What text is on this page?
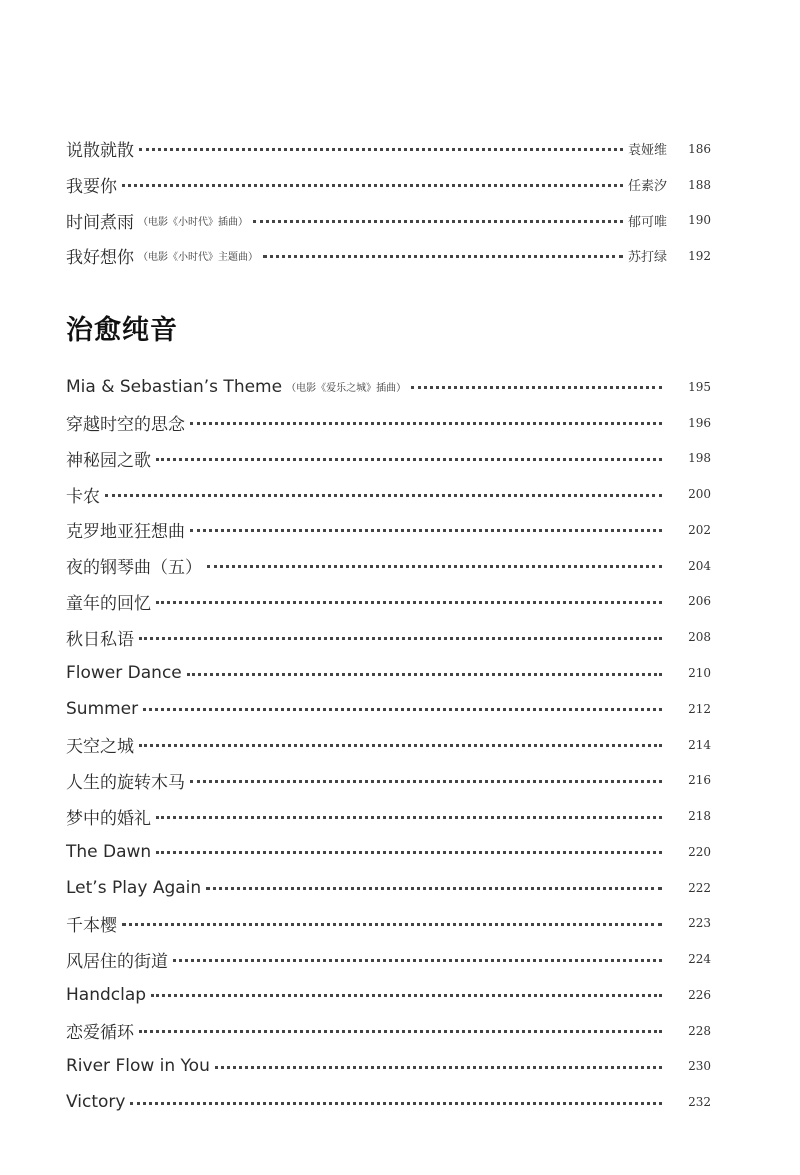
说散就散	袁娅维	186
我要你	任素汐	188
时间煮雨 （电影《小时代》插曲）	郁可唯	190
我好想你 （电影《小时代》主题曲）	苏打绿	192
治愈纯音
Mia & Sebastian’s Theme （电影《爱乐之城》插曲）	195
穿越时空的思念	196
神秘园之歌	198
卡农	200
克罗地亚狂想曲	202
夜的钢琴曲（五）	204
童年的回忆	206
秋日私语	208
Flower Dance	210
Summer	212
天空之城	214
人生的旋转木马	216
梦中的婚礼	218
The Dawn	220
Let’s Play Again	222
千本樱	223
风居住的街道	224
Handclap	226
恋爱循环	228
River Flow in You	230
Victory	232
